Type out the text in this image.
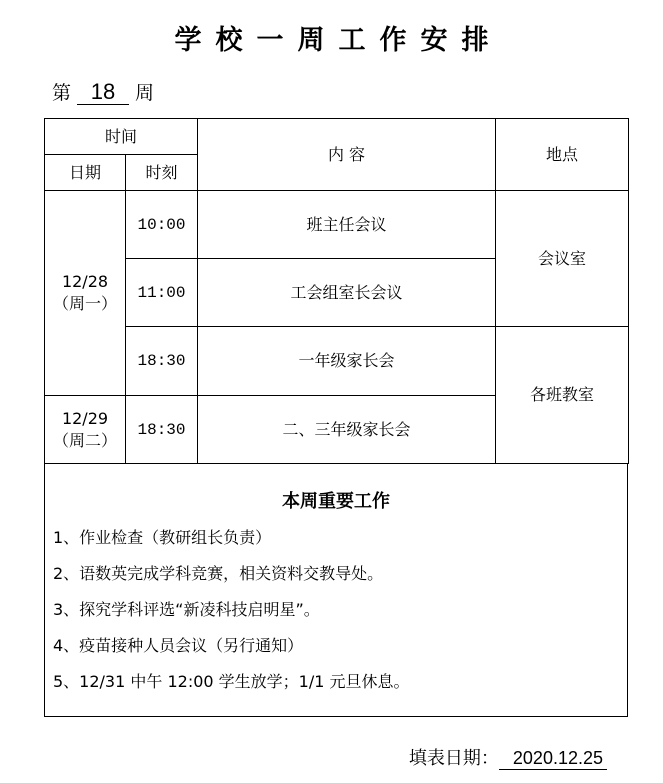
学校一周工作安排
第 18 周
时间		内 容	地点
日期	时刻		

12/28
（周一）	10:00	班主任会议	会议室
	11:00	工会组室长会议	
	18:30	一年级家长会	各班教室

12/29
（周二）	18:30	二、三年级家长会	
本周重要工作
1、作业检查（教研组长负责）
2、语数英完成学科竞赛，相关资料交教导处。
3、探究学科评选“新凌科技启明星”。
4、疫苗接种人员会议（另行通知）
5、12/31 中午 12:00 学生放学；1/1 元旦休息。
填表日期： 2020.12.25
